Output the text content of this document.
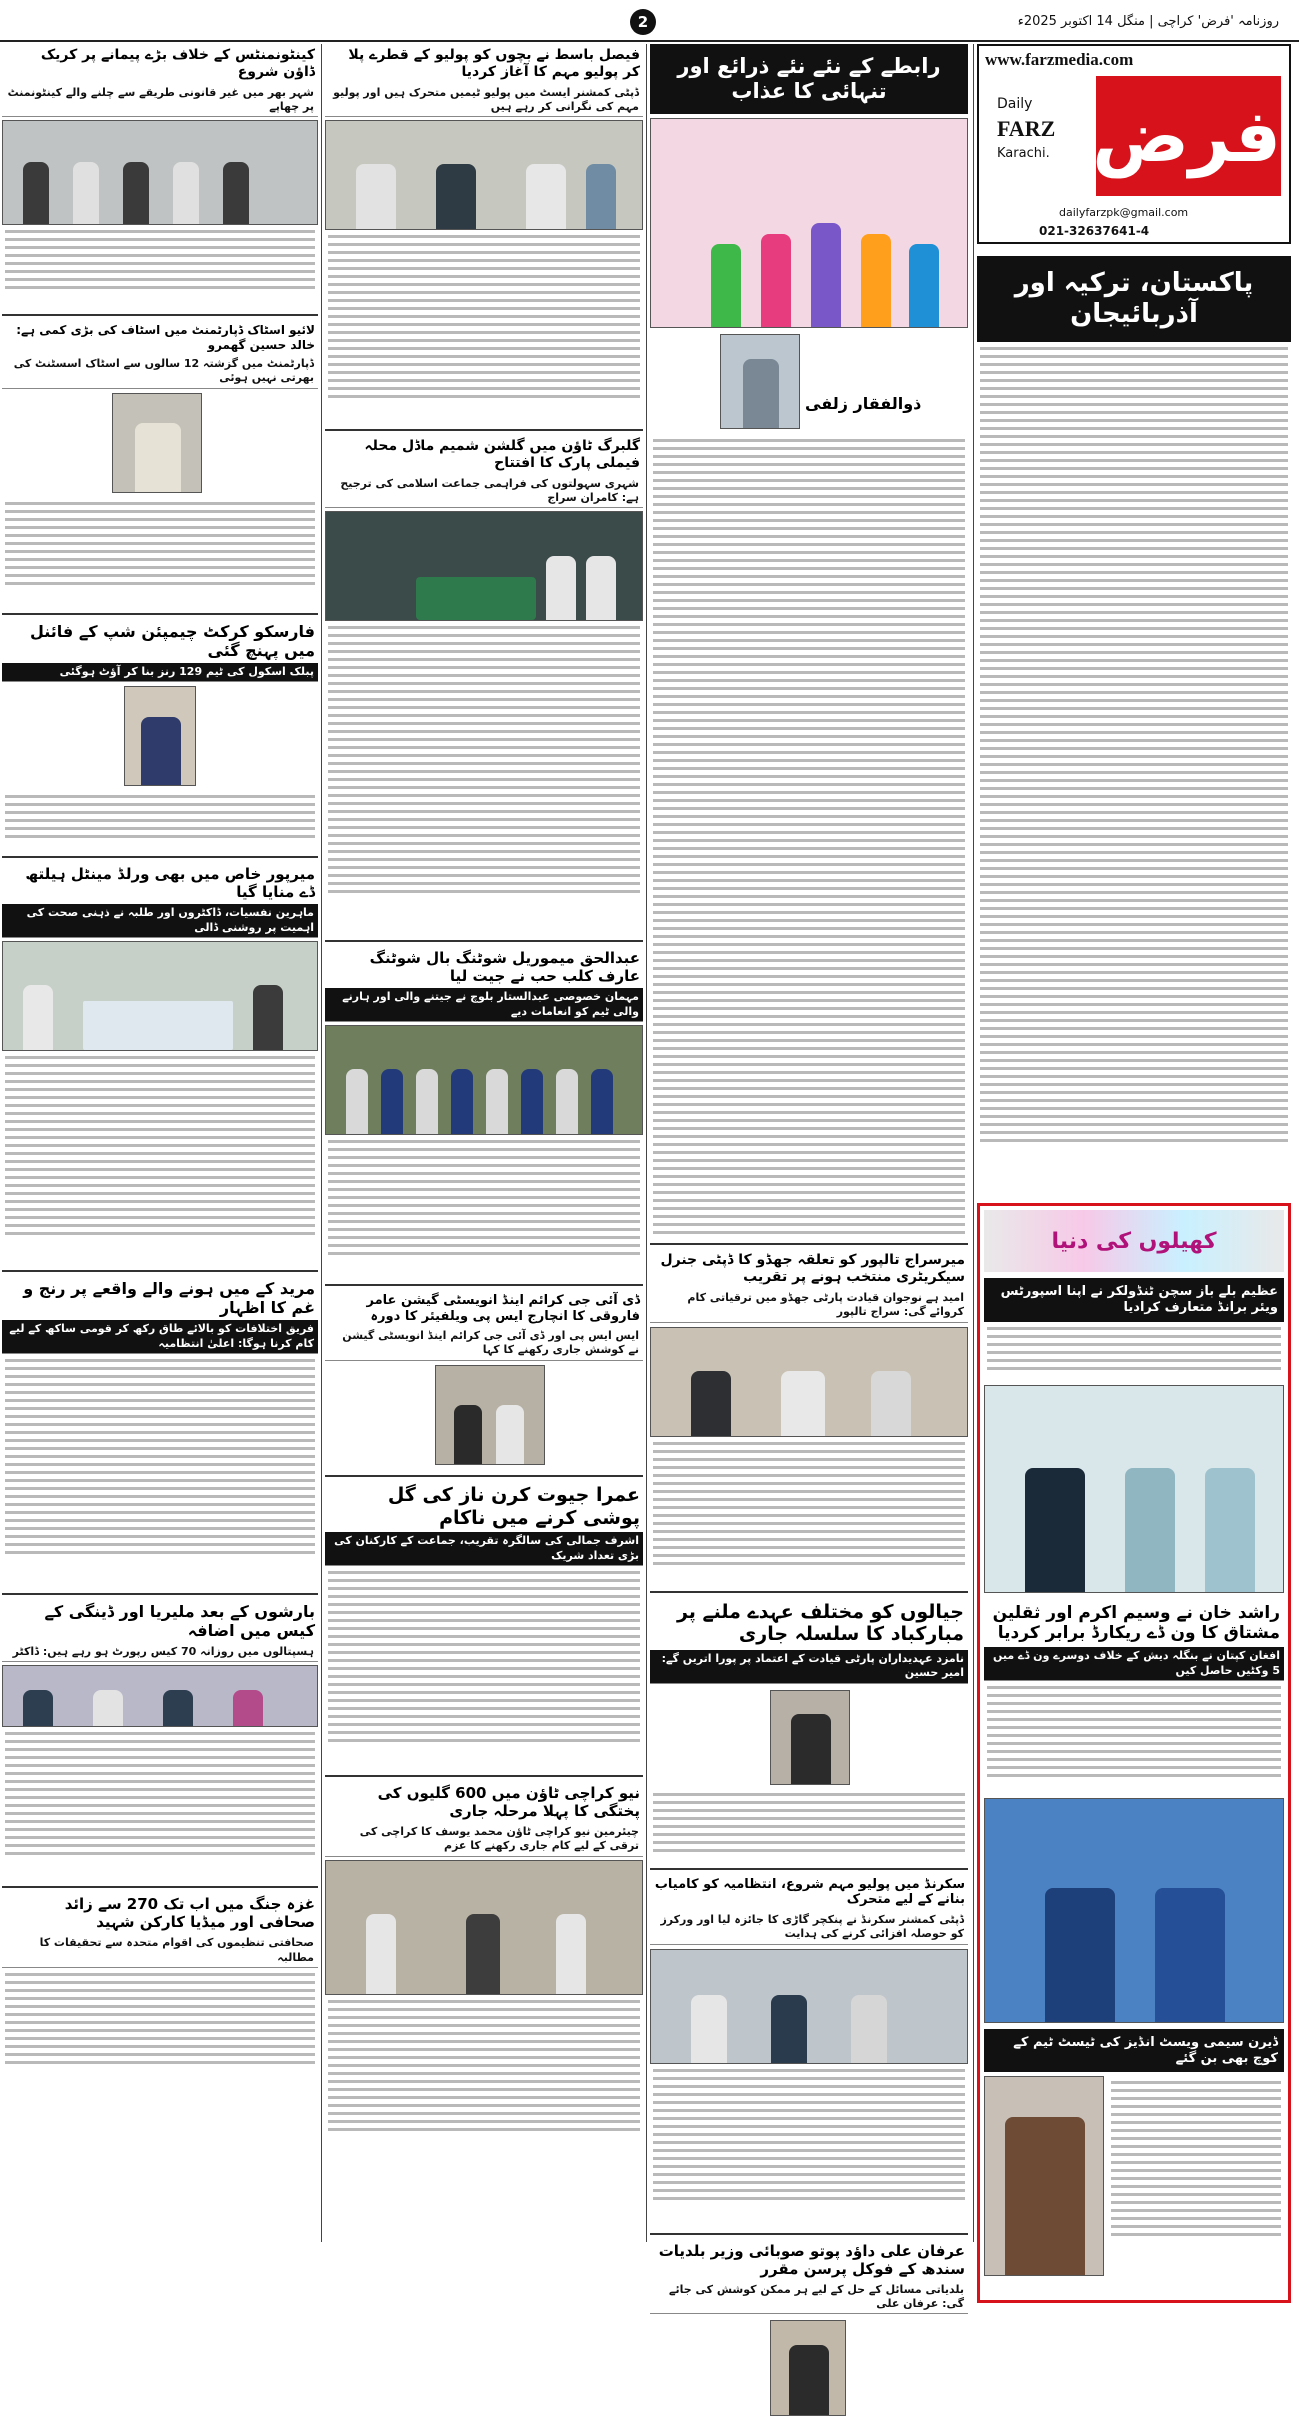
2	روزنامہ 'فرض' کراچی | منگل 14 اکتوبر 2025ء
www.farzmedia.com
فرض
Daily
FARZ
Karachi.
dailyfarzpk@gmail.com
021-32637641-4
پاکستان، ترکیہ اور آذربائیجان
کھیلوں کی دنیا
عظیم بلے باز سچن ٹنڈولکر نے اپنا اسپورٹس ویئر برانڈ متعارف کرادیا
راشد خان نے وسیم اکرم اور ثقلین مشتاق کا ون ڈے ریکارڈ برابر کردیا
افغان کپتان نے بنگلہ دیش کے خلاف دوسرے ون ڈے میں 5 وکٹیں حاصل کیں
ڈیرن سیمی ویسٹ انڈیز کی ٹیسٹ ٹیم کے کوچ بھی بن گئے
رابطے کے نئے نئے ذرائع اور تنہائی کا عذاب
ذوالفقار زلفی
میرسراج تالپور کو تعلقہ جھڈو کا ڈپٹی جنرل سیکریٹری منتخب ہونے پر تقریب
امید ہے نوجوان قیادت پارٹی جھڈو میں ترقیاتی کام کروائے گی: سراج تالپور
جیالوں کو مختلف عہدے ملنے پر مبارکباد کا سلسلہ جاری
نامزد عہدیداران پارٹی قیادت کے اعتماد پر پورا اتریں گے: امیر حسین
سکرنڈ میں پولیو مہم شروع، انتظامیہ کو کامیاب بنانے کے لیے متحرک
ڈپٹی کمشنر سکرنڈ نے پنکچر گاڑی کا جائزہ لیا اور ورکرز کو حوصلہ افزائی کرنے کی ہدایت
عرفان علی داؤد پوتو صوبائی وزیر بلدیات سندھ کے فوکل پرسن مقرر
بلدیاتی مسائل کے حل کے لیے ہر ممکن کوشش کی جائے گی: عرفان علی
فیصل باسط نے بچوں کو پولیو کے قطرے پلا کر پولیو مہم کا آغاز کردیا
ڈپٹی کمشنر ایسٹ میں پولیو ٹیمیں متحرک ہیں اور پولیو مہم کی نگرانی کر رہے ہیں
گلبرگ ٹاؤن میں گلشن شمیم ماڈل محلہ فیملی پارک کا افتتاح
شہری سہولتوں کی فراہمی جماعت اسلامی کی ترجیح ہے: کامران سراج
عبدالحق میموریل شوٹنگ بال شوٹنگ عارف کلب حب نے جیت لیا
مہمان خصوصی عبدالستار بلوچ نے جیتنے والی اور ہارنے والی ٹیم کو انعامات دیے
ڈی آئی جی کرائم اینڈ انویسٹی گیشن عامر فاروقی کا انچارج ایس پی ویلفیئر کا دورہ
ایس ایس پی اور ڈی آئی جی کرائم اینڈ انویسٹی گیشن نے کوشش جاری رکھنے کا کہا
عمرا جیوت کرن ناز کی گل پوشی کرنے میں ناکام
اشرف جمالی کی سالگرہ تقریب، جماعت کے کارکنان کی بڑی تعداد شریک
نیو کراچی ٹاؤن میں 600 گلیوں کی پختگی کا پہلا مرحلہ جاری
چیئرمین نیو کراچی ٹاؤن محمد یوسف کا کراچی کی ترقی کے لیے کام جاری رکھنے کا عزم
کینٹونمنٹس کے خلاف بڑے پیمانے پر کریک ڈاؤن شروع
شہر بھر میں غیر قانونی طریقے سے چلنے والے کینٹونمنٹ پر چھاپے
لائیو اسٹاک ڈپارٹمنٹ میں اسٹاف کی بڑی کمی ہے: خالد حسین گھمرو
ڈپارٹمنٹ میں گزشتہ 12 سالوں سے اسٹاک اسسٹنٹ کی بھرتی نہیں ہوئی
فارسکو کرکٹ چیمپئن شپ کے فائنل میں پہنچ گئی
پبلک اسکول کی ٹیم 129 رنز بنا کر آؤٹ ہوگئی
میرپور خاص میں بھی ورلڈ مینٹل ہیلتھ ڈے منایا گیا
ماہرین نفسیات، ڈاکٹروں اور طلبہ نے ذہنی صحت کی اہمیت پر روشنی ڈالی
مرید کے میں ہونے والے واقعے پر رنج و غم کا اظہار
فریق اختلافات کو بالائے طاق رکھ کر قومی ساکھ کے لیے کام کرنا ہوگا: اعلیٰ انتظامیہ
بارشوں کے بعد ملیریا اور ڈینگی کے کیس میں اضافہ
ہسپتالوں میں روزانہ 70 کیس رپورٹ ہو رہے ہیں: ڈاکٹر
غزہ جنگ میں اب تک 270 سے زائد صحافی اور میڈیا کارکن شہید
صحافتی تنظیموں کی اقوام متحدہ سے تحقیقات کا مطالبہ
